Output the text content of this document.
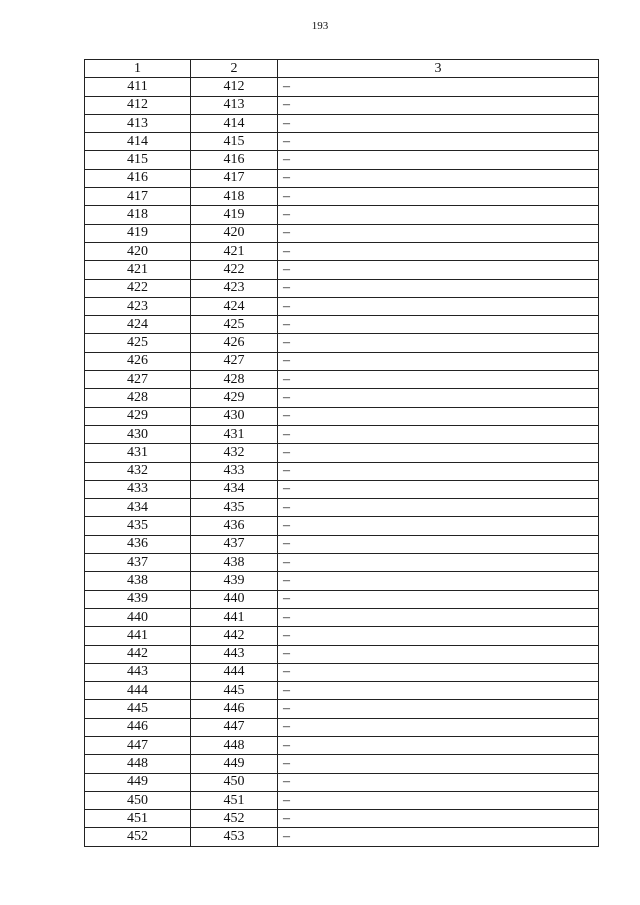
193
1	2	3
411	412	–
412	413	–
413	414	–
414	415	–
415	416	–
416	417	–
417	418	–
418	419	–
419	420	–
420	421	–
421	422	–
422	423	–
423	424	–
424	425	–
425	426	–
426	427	–
427	428	–
428	429	–
429	430	–
430	431	–
431	432	–
432	433	–
433	434	–
434	435	–
435	436	–
436	437	–
437	438	–
438	439	–
439	440	–
440	441	–
441	442	–
442	443	–
443	444	–
444	445	–
445	446	–
446	447	–
447	448	–
448	449	–
449	450	–
450	451	–
451	452	–
452	453	–
